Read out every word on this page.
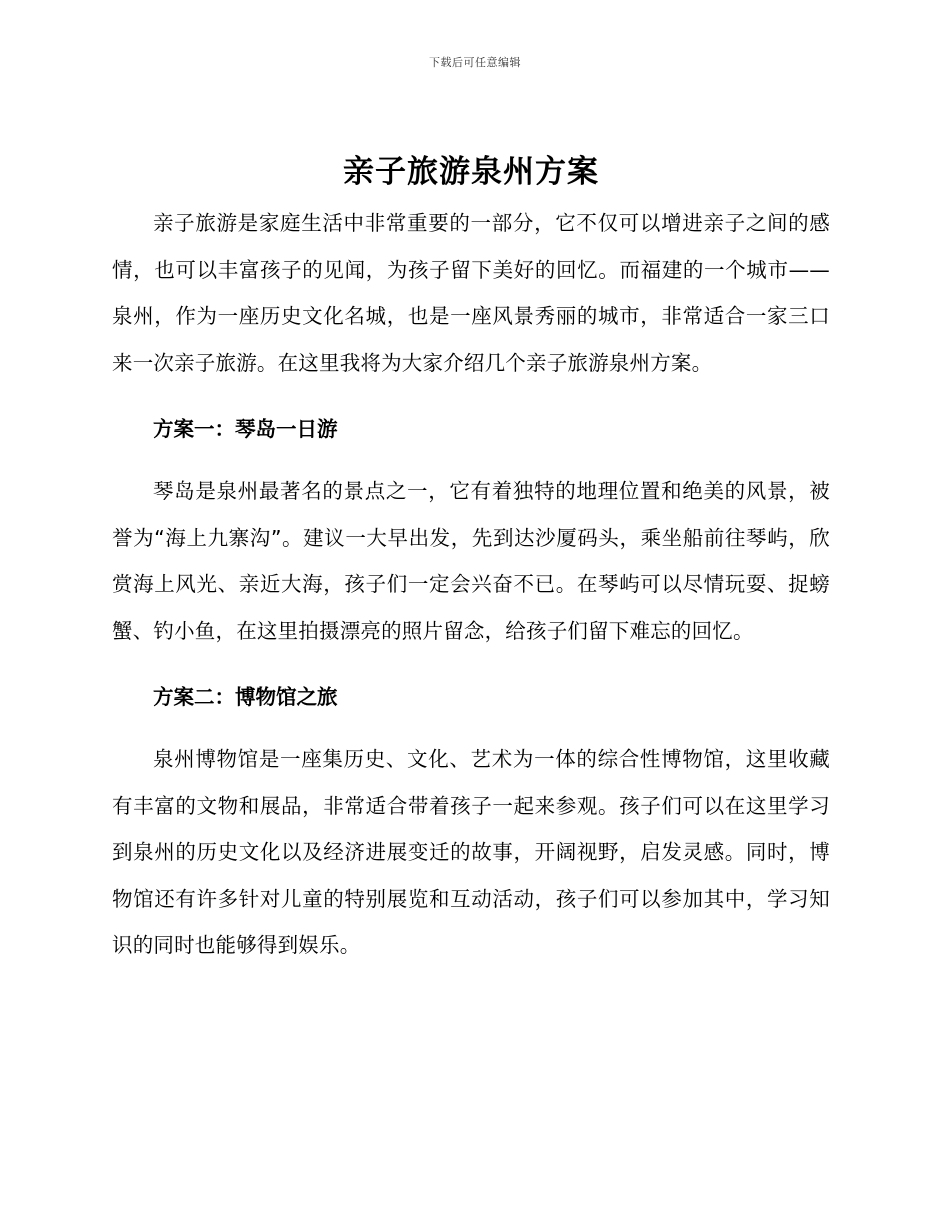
下载后可任意编辑
亲子旅游泉州方案

亲子旅游是家庭生活中非常重要的一部分，它不仅可以增进亲子之间的感情，也可以丰富孩子的见闻，为孩子留下美好的回忆。而福建的一个城市——泉州，作为一座历史文化名城，也是一座风景秀丽的城市，非常适合一家三口来一次亲子旅游。在这里我将为大家介绍几个亲子旅游泉州方案。

方案一：琴岛一日游

琴岛是泉州最著名的景点之一，它有着独特的地理位置和绝美的风景，被誉为“海上九寨沟”。建议一大早出发，先到达沙厦码头，乘坐船前往琴屿，欣赏海上风光、亲近大海，孩子们一定会兴奋不已。在琴屿可以尽情玩耍、捉螃蟹、钓小鱼，在这里拍摄漂亮的照片留念，给孩子们留下难忘的回忆。

方案二：博物馆之旅

泉州博物馆是一座集历史、文化、艺术为一体的综合性博物馆，这里收藏有丰富的文物和展品，非常适合带着孩子一起来参观。孩子们可以在这里学习到泉州的历史文化以及经济进展变迁的故事，开阔视野，启发灵感。同时，博物馆还有许多针对儿童的特别展览和互动活动，孩子们可以参加其中，学习知识的同时也能够得到娱乐。
